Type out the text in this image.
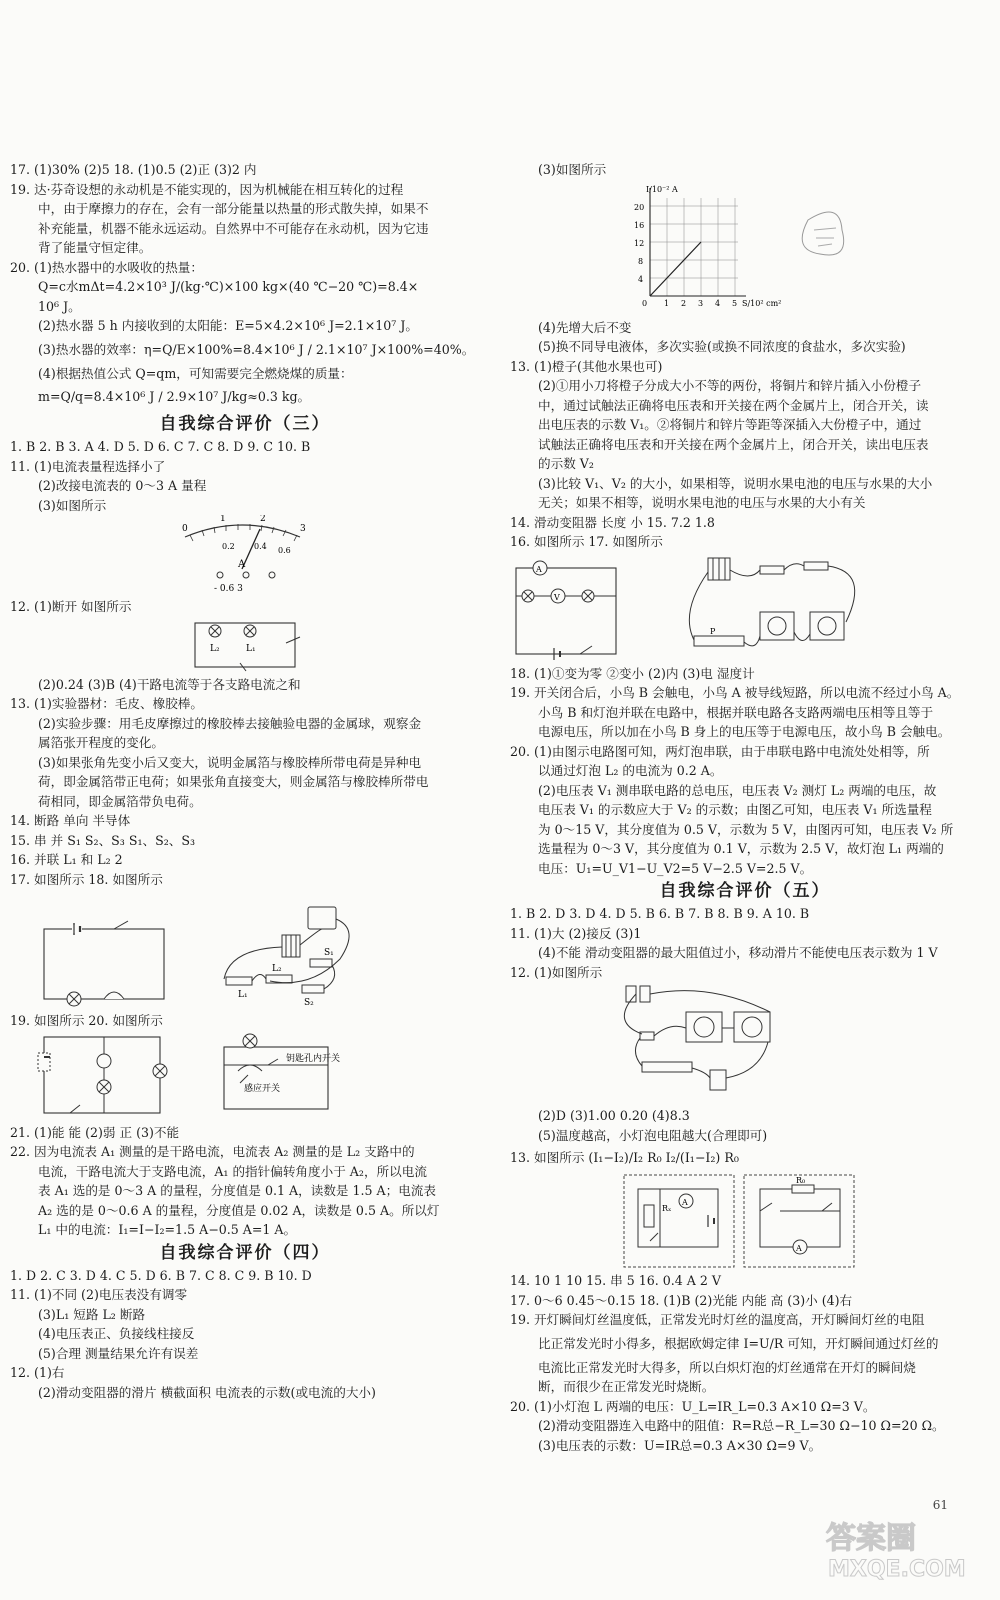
17. (1)30% (2)5 18. (1)0.5 (2)正 (3)2 内
19. 达·芬奇设想的永动机是不能实现的，因为机械能在相互转化的过程
中，由于摩擦力的存在，会有一部分能量以热量的形式散失掉，如果不
补充能量，机器不能永远运动。自然界中不可能存在永动机，因为它违
背了能量守恒定律。
20. (1)热水器中的水吸收的热量：
Q=c水mΔt=4.2×10³ J/(kg·℃)×100 kg×(40 ℃−20 ℃)=8.4×
10⁶ J。
(2)热水器 5 h 内接收到的太阳能：E=5×4.2×10⁶ J=2.1×10⁷ J。
(3)热水器的效率：η=Q/E×100%=8.4×10⁶ J / 2.1×10⁷ J×100%=40%。
(4)根据热值公式 Q=qm，可知需要完全燃烧煤的质量：
m=Q/q=8.4×10⁶ J / 2.9×10⁷ J/kg≈0.3 kg。
自我综合评价（三）
1. B 2. B 3. A 4. D 5. D 6. C 7. C 8. D 9. C 10. B
11. (1)电流表量程选择小了
(2)改接电流表的 0～3 A 量程
(3)如图所示
0
1	2
3
0.2 0.4 0.6
A
- 0.6 3
12. (1)断开 如图所示
L₂	L₁
(2)0.24 (3)B (4)干路电流等于各支路电流之和
13. (1)实验器材：毛皮、橡胶棒。
(2)实验步骤：用毛皮摩擦过的橡胶棒去接触验电器的金属球，观察金
属箔张开程度的变化。
(3)如果张角先变小后又变大，说明金属箔与橡胶棒所带电荷是异种电
荷，即金属箔带正电荷；如果张角直接变大，则金属箔与橡胶棒所带电
荷相同，即金属箔带负电荷。
14. 断路 单向 半导体
15. 串 并 S₁ S₂、S₃ S₁、S₂、S₃
16. 并联 L₁ 和 L₂ 2
17. 如图所示 18. 如图所示
L₁
L₂
S₁
S₂
19. 如图所示 20. 如图所示
钥匙孔内开关
感应开关
21. (1)能 能 (2)弱 正 (3)不能
22. 因为电流表 A₁ 测量的是干路电流，电流表 A₂ 测量的是 L₂ 支路中的
电流，干路电流大于支路电流，A₁ 的指针偏转角度小于 A₂，所以电流
表 A₁ 选的是 0～3 A 的量程，分度值是 0.1 A，读数是 1.5 A；电流表
A₂ 选的是 0～0.6 A 的量程，分度值是 0.02 A，读数是 0.5 A。所以灯
L₁ 中的电流：I₁=I−I₂=1.5 A−0.5 A=1 A。
自我综合评价（四）
1. D 2. C 3. D 4. C 5. D 6. B 7. C 8. C 9. B 10. D
11. (1)不同 (2)电压表没有调零
(3)L₁ 短路 L₂ 断路
(4)电压表正、负接线柱接反
(5)合理 测量结果允许有误差
12. (1)右
(2)滑动变阻器的滑片 横截面积 电流表的示数(或电流的大小)
(3)如图所示
I/10⁻² A
20
16
12
8
4
0 1 2 3 4 5 S/10² cm²
(4)先增大后不变
(5)换不同导电液体，多次实验(或换不同浓度的食盐水，多次实验)
13. (1)橙子(其他水果也可)
(2)①用小刀将橙子分成大小不等的两份，将铜片和锌片插入小份橙子
中，通过试触法正确将电压表和开关接在两个金属片上，闭合开关，读
出电压表的示数 V₁。②将铜片和锌片等距等深插入大份橙子中，通过
试触法正确将电压表和开关接在两个金属片上，闭合开关，读出电压表
的示数 V₂
(3)比较 V₁、V₂ 的大小，如果相等，说明水果电池的电压与水果的大小
无关；如果不相等，说明水果电池的电压与水果的大小有关
14. 滑动变阻器 长度 小 15. 7.2 1.8
16. 如图所示 17. 如图所示
A
V
P
18. (1)①变为零 ②变小 (2)内 (3)电 湿度计
19. 开关闭合后，小鸟 B 会触电，小鸟 A 被导线短路，所以电流不经过小鸟 A。
小鸟 B 和灯泡并联在电路中，根据并联电路各支路两端电压相等且等于
电源电压，所以加在小鸟 B 身上的电压等于电源电压，故小鸟 B 会触电。
20. (1)由图示电路图可知，两灯泡串联，由于串联电路中电流处处相等，所
以通过灯泡 L₂ 的电流为 0.2 A。
(2)电压表 V₁ 测串联电路的总电压，电压表 V₂ 测灯 L₂ 两端的电压，故
电压表 V₁ 的示数应大于 V₂ 的示数；由图乙可知，电压表 V₁ 所选量程
为 0～15 V，其分度值为 0.5 V，示数为 5 V，由图丙可知，电压表 V₂ 所
选量程为 0～3 V，其分度值为 0.1 V，示数为 2.5 V，故灯泡 L₁ 两端的
电压：U₁=U_V1−U_V2=5 V−2.5 V=2.5 V。
自我综合评价（五）
1. B 2. D 3. D 4. D 5. B 6. B 7. B 8. B 9. A 10. B
11. (1)大 (2)接反 (3)1
(4)不能 滑动变阻器的最大阻值过小，移动滑片不能使电压表示数为 1 V
12. (1)如图所示
(2)D (3)1.00 0.20 (4)8.3
(5)温度越高，小灯泡电阻越大(合理即可)
13. 如图所示 (I₁−I₂)/I₂ R₀ I₂/(I₁−I₂) R₀
A
Rₓ
R₀
A
14. 10 1 10 15. 串 5 16. 0.4 A 2 V
17. 0～6 0.45～0.15 18. (1)B (2)光能 内能 高 (3)小 (4)右
19. 开灯瞬间灯丝温度低，正常发光时灯丝的温度高，开灯瞬间灯丝的电阻
比正常发光时小得多，根据欧姆定律 I=U/R 可知，开灯瞬间通过灯丝的
电流比正常发光时大得多，所以白炽灯泡的灯丝通常在开灯的瞬间烧
断，而很少在正常发光时烧断。
20. (1)小灯泡 L 两端的电压：U_L=IR_L=0.3 A×10 Ω=3 V。
(2)滑动变阻器连入电路中的阻值：R=R总−R_L=30 Ω−10 Ω=20 Ω。
(3)电压表的示数：U=IR总=0.3 A×30 Ω=9 V。
61
答案圈
MXQE.COM
